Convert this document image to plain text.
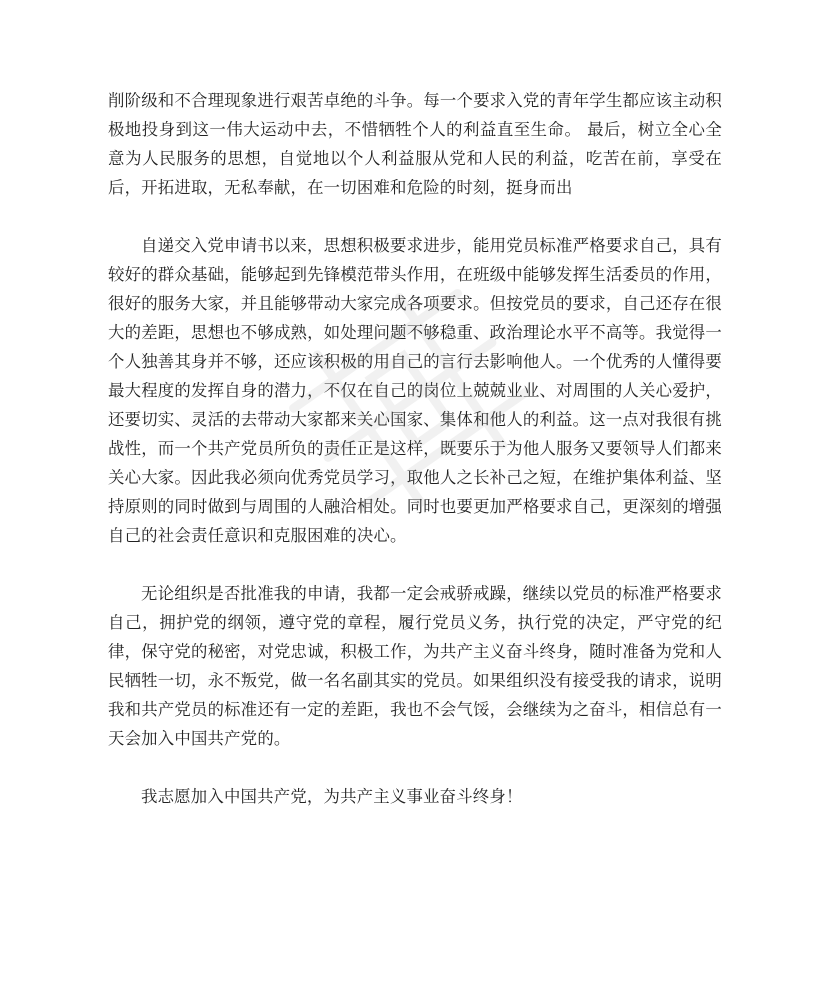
削阶级和不合理现象进行艰苦卓绝的斗争。每一个要求入党的青年学生都应该主动积极地投身到这一伟大运动中去，不惜牺牲个人的利益直至生命。 最后，树立全心全意为人民服务的思想，自觉地以个人利益服从党和人民的利益，吃苦在前，享受在后，开拓进取，无私奉献，在一切困难和危险的时刻，挺身而出

自递交入党申请书以来，思想积极要求进步，能用党员标准严格要求自己，具有较好的群众基础，能够起到先锋模范带头作用，在班级中能够发挥生活委员的作用，很好的服务大家，并且能够带动大家完成各项要求。但按党员的要求，自己还存在很大的差距，思想也不够成熟，如处理问题不够稳重、政治理论水平不高等。我觉得一个人独善其身并不够，还应该积极的用自己的言行去影响他人。一个优秀的人懂得要最大程度的发挥自身的潜力，不仅在自己的岗位上兢兢业业、对周围的人关心爱护，还要切实、灵活的去带动大家都来关心国家、集体和他人的利益。这一点对我很有挑战性，而一个共产党员所负的责任正是这样，既要乐于为他人服务又要领导人们都来关心大家。因此我必须向优秀党员学习，取他人之长补己之短，在维护集体利益、坚持原则的同时做到与周围的人融洽相处。同时也要更加严格要求自己，更深刻的增强自己的社会责任意识和克服困难的决心。

无论组织是否批准我的申请，我都一定会戒骄戒躁，继续以党员的标准严格要求自己，拥护党的纲领，遵守党的章程，履行党员义务，执行党的决定，严守党的纪律，保守党的秘密，对党忠诚，积极工作，为共产主义奋斗终身，随时准备为党和人民牺牲一切，永不叛党，做一名名副其实的党员。如果组织没有接受我的请求，说明我和共产党员的标准还有一定的差距，我也不会气馁，会继续为之奋斗，相信总有一天会加入中国共产党的。

我志愿加入中国共产党，为共产主义事业奋斗终身！
